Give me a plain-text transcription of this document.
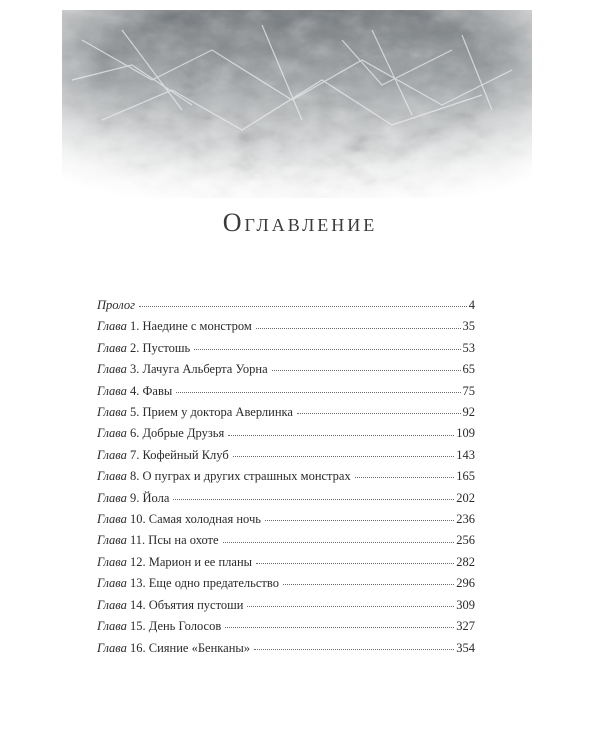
Оглавление
Пролог	4
Глава 1. Наедине с монстром	35
Глава 2. Пустошь	53
Глава 3. Лачуга Альберта Уорна	65
Глава 4. Фавы	75
Глава 5. Прием у доктора Аверлинка	92
Глава 6. Добрые Друзья	109
Глава 7. Кофейный Клуб	143
Глава 8. О пуграх и других страшных монстрах	165
Глава 9. Йола	202
Глава 10. Самая холодная ночь	236
Глава 11. Псы на охоте	256
Глава 12. Марион и ее планы	282
Глава 13. Еще одно предательство	296
Глава 14. Объятия пустоши	309
Глава 15. День Голосов	327
Глава 16. Сияние «Бенканы»	354
